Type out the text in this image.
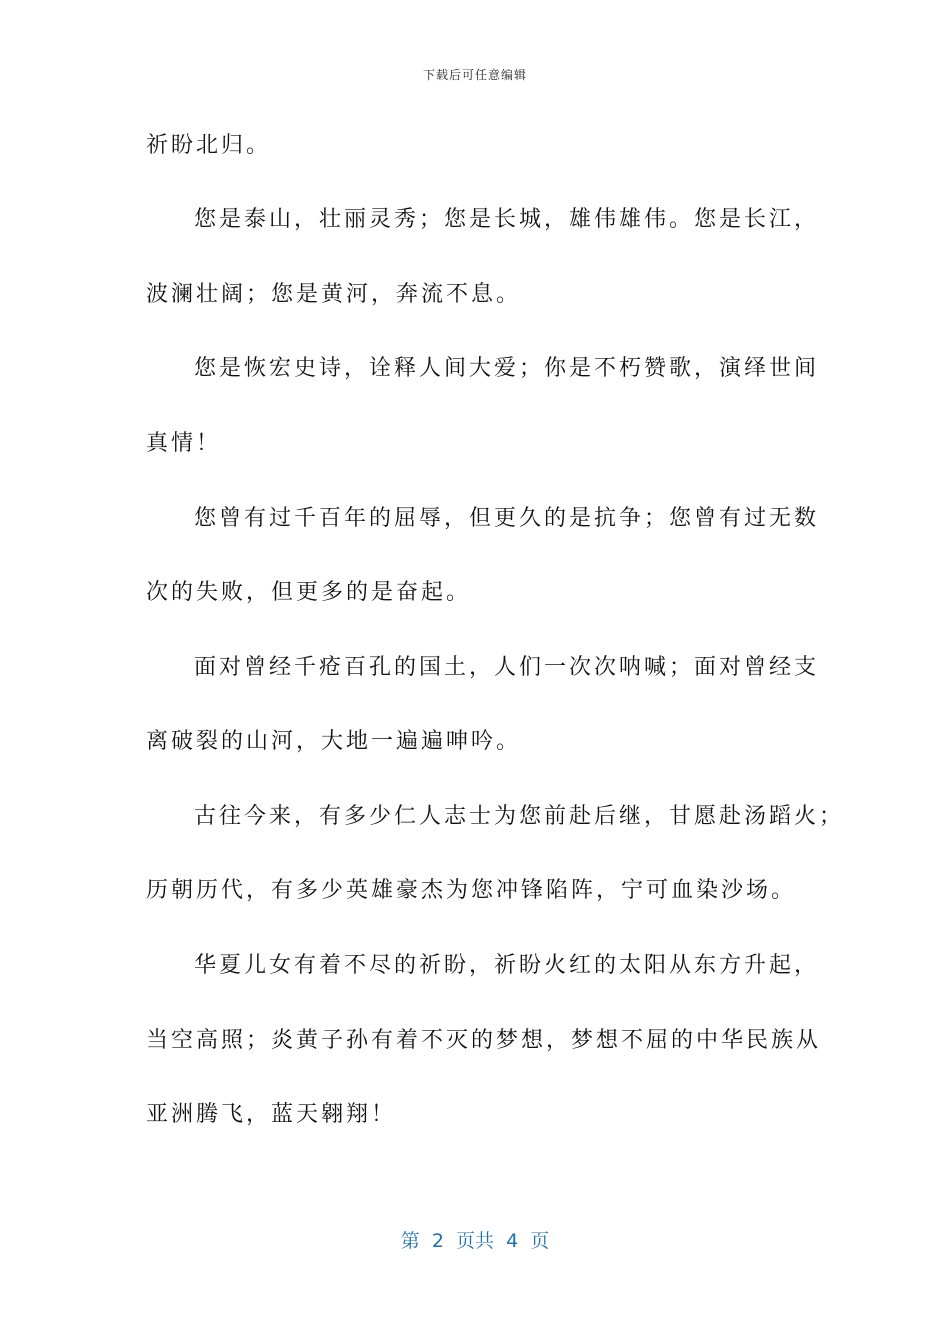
下载后可任意编辑
祈盼北归。
您是泰山，壮丽灵秀；您是长城，雄伟雄伟。您是长江，
波澜壮阔；您是黄河，奔流不息。
您是恢宏史诗，诠释人间大爱；你是不朽赞歌，演绎世间
真情！
您曾有过千百年的屈辱，但更久的是抗争；您曾有过无数
次的失败，但更多的是奋起。
面对曾经千疮百孔的国土，人们一次次呐喊；面对曾经支
离破裂的山河，大地一遍遍呻吟。
古往今来，有多少仁人志士为您前赴后继，甘愿赴汤蹈火；
历朝历代，有多少英雄豪杰为您冲锋陷阵，宁可血染沙场。
华夏儿女有着不尽的祈盼，祈盼火红的太阳从东方升起，
当空高照；炎黄子孙有着不灭的梦想，梦想不屈的中华民族从
亚洲腾飞，蓝天翱翔！
第  2  页共  4  页
